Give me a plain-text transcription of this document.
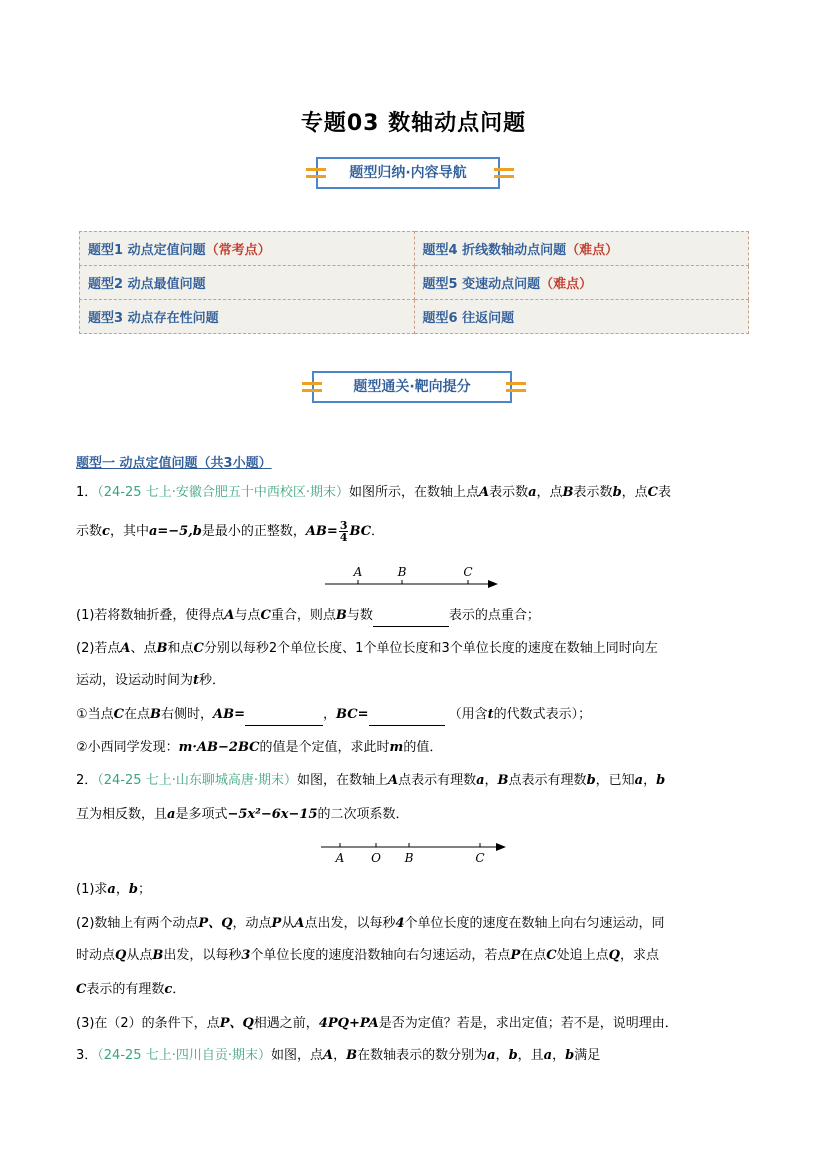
专题03 数轴动点问题
题型归纳·内容导航
题型1 动点定值问题（常考点）	题型4 折线数轴动点问题（难点）
题型2 动点最值问题	题型5 变速动点问题（难点）
题型3 动点存在性问题	题型6 往返问题
题型通关·靶向提分
题型一 动点定值问题（共3小题）
1．（24-25 七上·安徽合肥五十中西校区·期末）如图所示，在数轴上点A表示数a，点B表示数b，点C表
示数c，其中a=−5,b是最小的正整数，$AB= \frac{3}{4}$ BC．
A	B	C
(1)若将数轴折叠，使得点A与点C重合，则点B与数	表示的点重合；
(2)若点A、点B和点C分别以每秒2个单位长度、1个单位长度和3个单位长度的速度在数轴上同时向左
运动，设运动时间为t秒．
①当点C在点B右侧时，AB=	，BC=	（用含t的代数式表示）；
②小西同学发现：m·AB−2BC的值是个定值，求此时m的值．
2．（24-25 七上·山东聊城高唐·期末）如图，在数轴上A点表示有理数a，B点表示有理数b，已知a，b
互为相反数，且a是多项式−5x²−6x−15的二次项系数．
A O B	C
(1)求a，b；
(2)数轴上有两个动点P、Q，动点P从A点出发，以每秒4个单位长度的速度在数轴上向右匀速运动，同
时动点Q从点B出发，以每秒3个单位长度的速度沿数轴向右匀速运动，若点P在点C处追上点Q，求点
C表示的有理数c．
(3)在（2）的条件下，点P、Q相遇之前，4PQ+PA是否为定值？若是，求出定值；若不是，说明理由．
3．（24-25 七上·四川自贡·期末）如图，点A，B在数轴表示的数分别为a，b，且a，b满足
